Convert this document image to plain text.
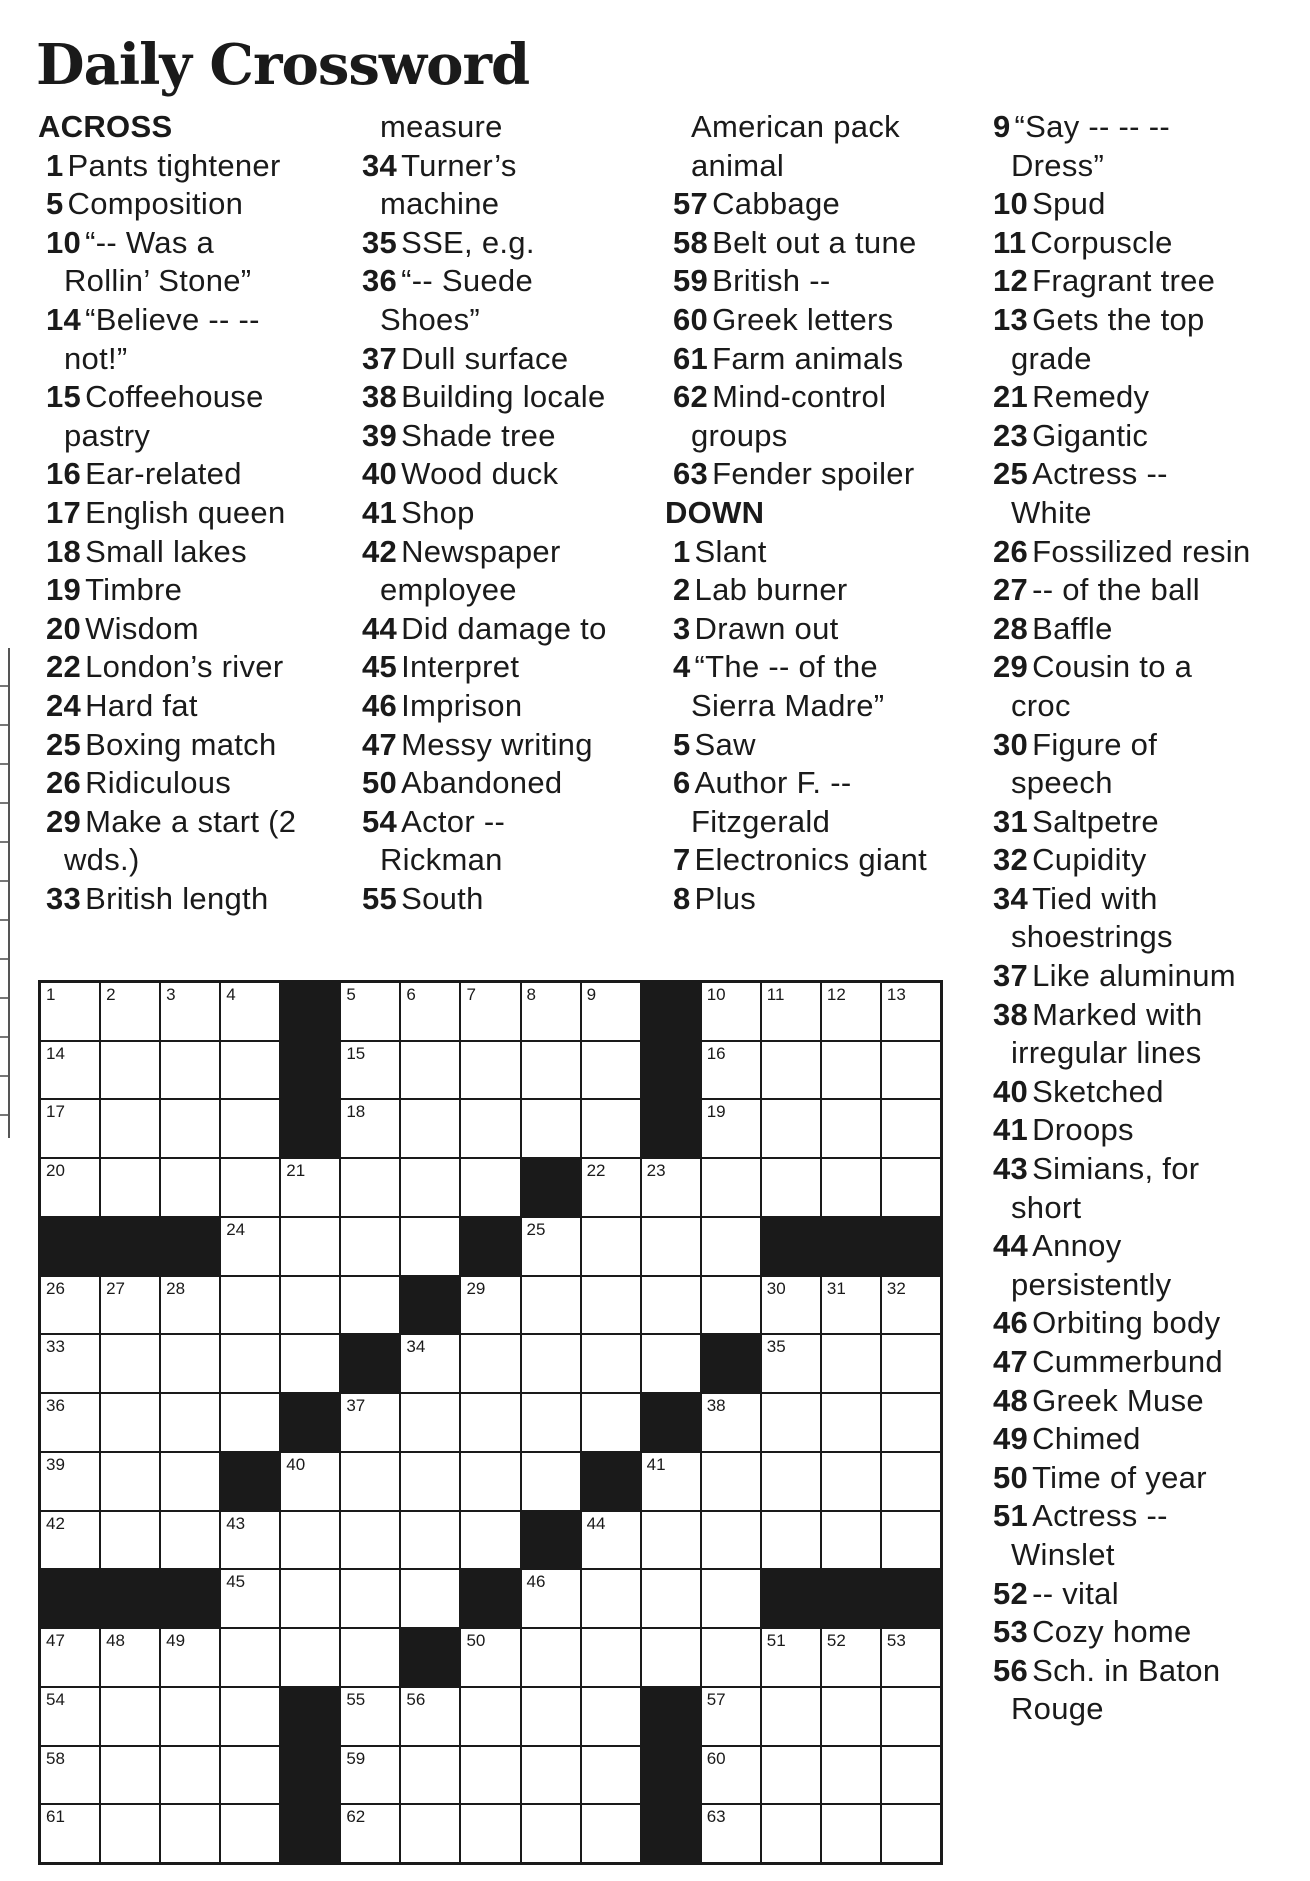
Daily Crossword
ACROSS
1 Pants tightener
5 Composition
10 “-- Was a
Rollin’ Stone”
14 “Believe -- --
not!”
15 Coffeehouse
pastry
16 Ear-related
17 English queen
18 Small lakes
19 Timbre
20 Wisdom
22 London’s river
24 Hard fat
25 Boxing match
26 Ridiculous
29 Make a start (2
wds.)
33 British length
measure
34 Turner’s
machine
35 SSE, e.g.
36 “-- Suede
Shoes”
37 Dull surface
38 Building locale
39 Shade tree
40 Wood duck
41 Shop
42 Newspaper
employee
44 Did damage to
45 Interpret
46 Imprison
47 Messy writing
50 Abandoned
54 Actor --
Rickman
55 South
American pack
animal
57 Cabbage
58 Belt out a tune
59 British --
60 Greek letters
61 Farm animals
62 Mind-control
groups
63 Fender spoiler
DOWN
1 Slant
2 Lab burner
3 Drawn out
4 “The -- of the
Sierra Madre”
5 Saw
6 Author F. --
Fitzgerald
7 Electronics giant
8 Plus
9 “Say -- -- --
Dress”
10 Spud
11 Corpuscle
12 Fragrant tree
13 Gets the top
grade
21 Remedy
23 Gigantic
25 Actress --
White
26 Fossilized resin
27 -- of the ball
28 Baffle
29 Cousin to a
croc
30 Figure of
speech
31 Saltpetre
32 Cupidity
34 Tied with
shoestrings
37 Like aluminum
38 Marked with
irregular lines
40 Sketched
41 Droops
43 Simians, for
short
44 Annoy
persistently
46 Orbiting body
47 Cummerbund
48 Greek Muse
49 Chimed
50 Time of year
51 Actress --
Winslet
52 -- vital
53 Cozy home
56 Sch. in Baton
Rouge
1	2	3	4	5	6	7	8	9	10 11 12 13
14	15	16
17	18	19
20	21	22 23
24	25
26 27 28	29	30 31 32
33	34	35
36	37	38
39	40	41
42	43	44
45	46
47 48 49	50	51 52 53
54	55 56	57
58	59	60
61	62	63
